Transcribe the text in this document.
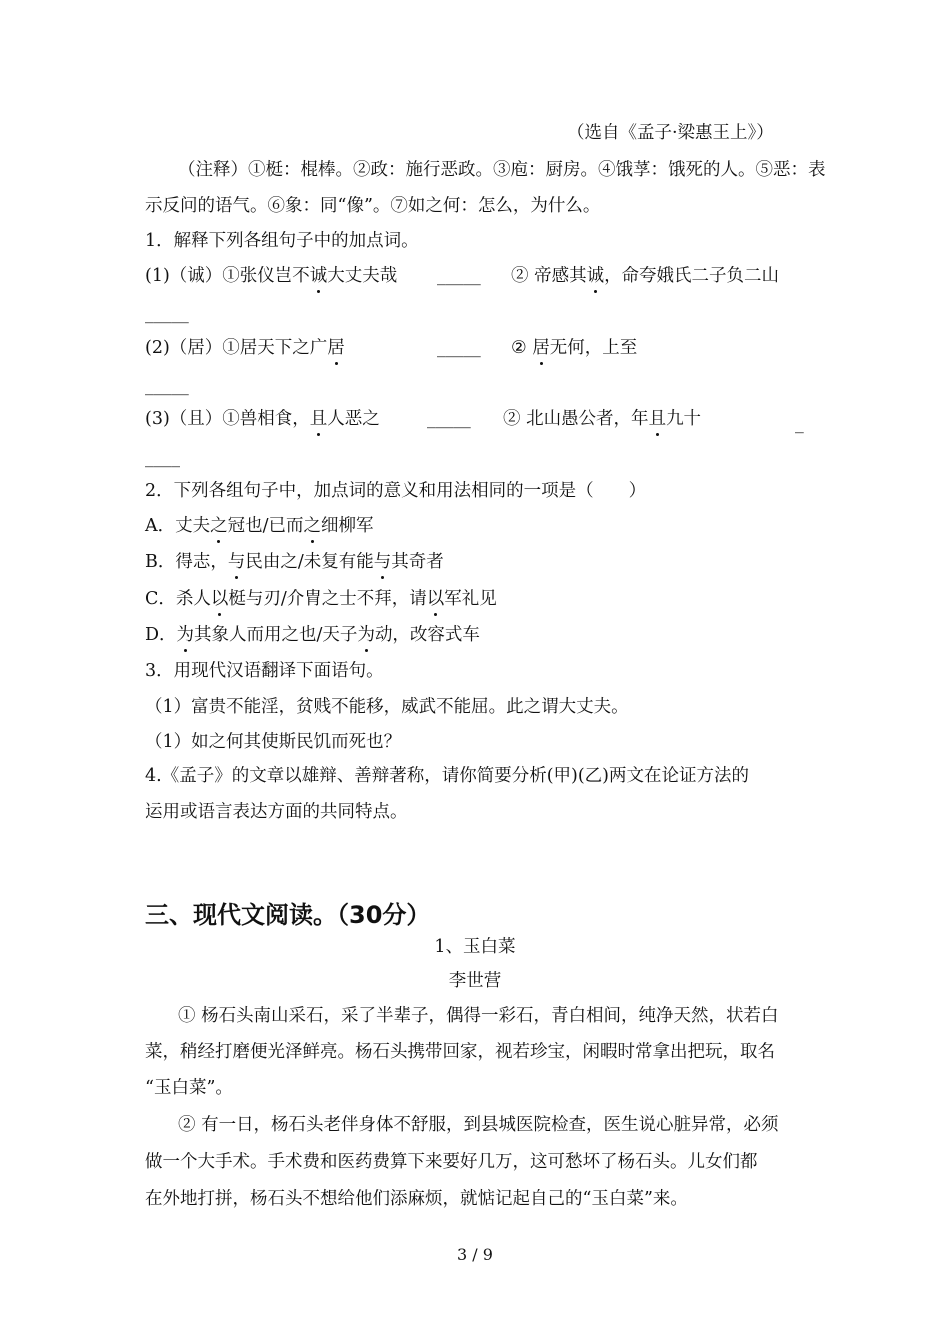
（选自《孟子·梁惠王上》）
（注释）①梃：棍棒。②政：施行恶政。③庖：厨房。④饿莩：饿死的人。⑤恶：表
示反问的语气。⑥象：同“像”。⑦如之何：怎么，为什么。
1．解释下列各组句子中的加点词。
(1)（诚）①张仪岂不诚大丈夫哉 _____ ② 帝感其诚，命夸娥氏二子负二山
_____
(2)（居）①居天下之广居	_____ ② 居无何，上至
_____
(3)（且）①兽相食，且人恶之	_____ ② 北山愚公者，年且九十	_
____
2．下列各组句子中，加点词的意义和用法相同的一项是（　　）
A．丈夫之冠也/已而之细柳军
B．得志，与民由之/未复有能与其奇者
C．杀人以梃与刃/介胄之士不拜，请以军礼见
D．为其象人而用之也/天子为动，改容式车
3．用现代汉语翻译下面语句。
（1）富贵不能淫，贫贱不能移，威武不能屈。此之谓大丈夫。
（1）如之何其使斯民饥而死也？
4.《孟子》的文章以雄辩、善辩著称，请你简要分析(甲)(乙)两文在论证方法的
运用或语言表达方面的共同特点。
三、现代文阅读。（30分）
1、玉白菜
李世营
① 杨石头南山采石，采了半辈子，偶得一彩石，青白相间，纯净天然，状若白
菜，稍经打磨便光泽鲜亮。杨石头携带回家，视若珍宝，闲暇时常拿出把玩，取名
“玉白菜”。
② 有一日，杨石头老伴身体不舒服，到县城医院检查，医生说心脏异常，必须
做一个大手术。手术费和医药费算下来要好几万，这可愁坏了杨石头。儿女们都
在外地打拼，杨石头不想给他们添麻烦，就惦记起自己的“玉白菜”来。
3 / 9
